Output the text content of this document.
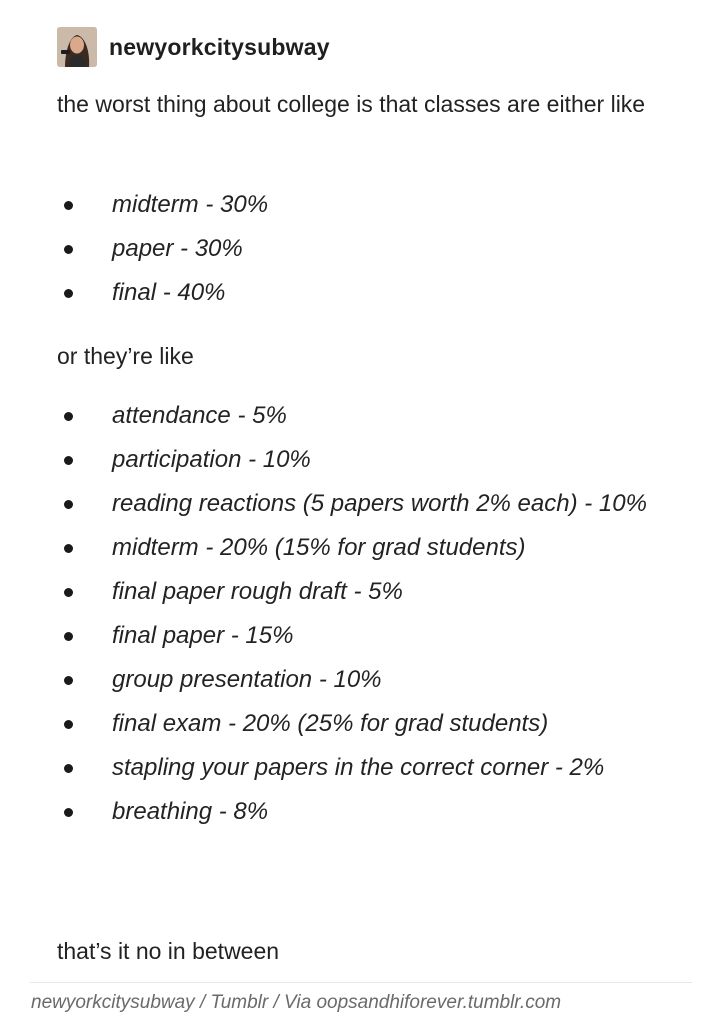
newyorkcitysubway

the worst thing about college is that classes are either like

midterm - 30%
paper - 30%
final - 40%

or they’re like

attendance - 5%
participation - 10%
reading reactions (5 papers worth 2% each) - 10%
midterm - 20% (15% for grad students)
final paper rough draft - 5%
final paper - 15%
group presentation - 10%
final exam - 20% (25% for grad students)
stapling your papers in the correct corner - 2%
breathing - 8%

that’s it no in between

newyorkcitysubway / Tumblr / Via oopsandhiforever.tumblr.com
